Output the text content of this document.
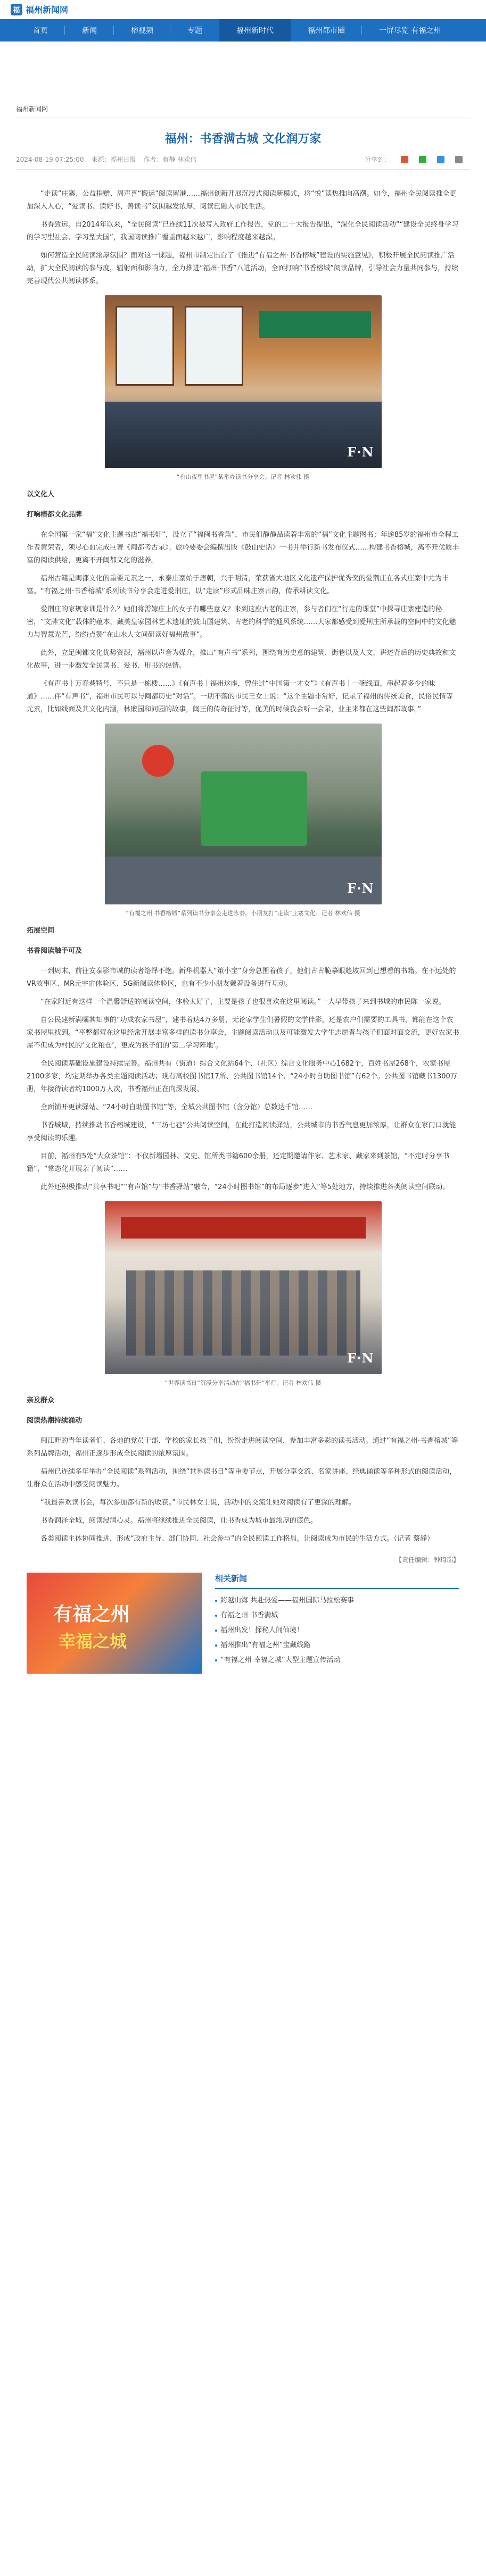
福 福州新闻网
首页	新闻	榕视频	专题	福州新时代	福州都市圈	一屏尽览 有福之州
福州新闻网
福州：书香满古城 文化润万家
2024-08-19 07:25:00 来源：福州日报 作者：蔡静 林欢伟	分享到：

“走读”庄寨、公益捐赠、周声喜“搬运”阅读留港……福州创新开展沉浸式阅读新模式，将“悦”读热推向高潮。如今，福州全民阅读推全更加深入人心，“爱读书、读好书、善读书”氛围越发浓厚，阅读已融入市民生活。

书香致远。自2014年以来，“全民阅读”已连续11次被写入政府工作报告，党的二十大报告提出，“深化全民阅读活动”“建设全民终身学习的学习型社会、学习型大国”，我国阅读推广覆盖面越来越广，影响程度越来越深。

如何营造全民阅读浓厚氛围？面对这一课题，福州市制定出台了《推进“有福之州·书香榕城”建设的实施意见》，积极开展全民阅读推广活动，扩大全民阅读的参与度，辐射面和影响力，全力推进“福州·书香”八进活动，全面打响“书香榕城”阅读品牌，引导社会力量共同参与，持续完善现代公共阅读体系。

F·N
“台山夜里书屋”某举办读书分享会。记者 林欢伟 摄

以文化人

打响榕都文化品牌

在全国第一家“福”文化主题书店“福书轩”，设立了“福闽书香角”，市民们静静品读着丰富的“福”文化主题图书；年逾85岁的福州市全程工作者黄荣者，领尽心血完成巨著《闽都考古录》；旅岭要委会编撰出版《鼓山史话》一书并举行新书发布仪式……构建书香榕城，离不开优质丰富的阅读供给，更离不开闽都文化的滋养。

福州古籍是闽都文化的重要元素之一，永泰庄寨始于唐朝，兴于明清，荣获省大地区文化遗产保护优秀奖的爱荆庄在各式庄寨中尤为丰富。“有福之州·书香榕城”系列读书分享会走进爱荆庄，以“走读”形式品味庄寨古韵，传承耕读文化。

爱荆庄的家规家训是什么？她们将需嫁庄上的女子有哪些意义？来到这座古老的庄寨，参与者们在“行走的课堂”中探寻庄寨建造的秘密，“文牌文化”载体的蕴本，藏美皇家园林艺术遗址的鼓山国建筑、古老的科学的通风系统……大家都感受到爱荆庄所承载的空间中的文化魅力与智慧光芒，纷纷点赞“在山水人文间研读好福州故事”。

此外，立足闽都文化优势资源，福州以声音为媒介，推出“有声书”系列，围绕有历史意的建筑、街巷以及人文，讲述背后的历史典故和文化故事，进一步激发全民读书、爱书、用书的热情。

《有声书｜万春巷特号，不只是一栋楼……》《有声书｜福州这座，曾住过“中国第一才女”》《有声书｜一碗线面，串起着多少的味道》……伴“有声书”，福州市民可以与闽都历史“对话”。一期不落的市民王女士说：“这个主题非常好，记录了福州的传统美食，民俗民情等元素，比如线面及其文化内涵，林廉园和问园的故事，闽王的传奇征讨等，优美的时候我会听一会录，业主来都在这些闽都故事。”

F·N
“有福之州·书香榕城”系列读书分享会走进永泰，小朋友打“走读”庄寨文化。记者 林欢伟 摄

拓展空间

书香阅读触手可及

一到周末，前往安泰影市城的读者络绎不绝。新华机器人“策小宝”身旁总围着孩子，他们古古脆摹眼趁坡回到已想看的书籍。在不远处的VR故事区、MR元宇宙体验区、5G新阅读体验区，也有不少小朋友戴着设备进行互动。

“在家附近有这样一个温馨舒适的阅读空间，体验太好了，主要是孩子也很喜欢在这里阅读。”一大早带孩子来到书城的市民陈一家说。

自公民建新满嘱其知事的“功成农家书屋”，建书着达4万多册，无论家学生们暑假的文学伴影，还是农户们需要的工具书，都能在这个农家书屋里找到。“平整都营在这里经常开展丰富多样的读书分享会，主题阅读活动以及可能激发大学生志愿者与孩子们面对面交流，更好农家书屋不但成为村民的‘文化粮仓’，更成为孩子们的‘第二学习阵地’。

全民阅读基础设施建设持续完善。福州共有（街道）综合文化站64个、（社区）综合文化服务中心1682个，百姓书屋268个，农家书屋2100多家，均定期举办各类主题阅读活动；现有高校图书馆17所、公共图书馆14个、“24小时自助图书馆”有62个。公共图书馆藏书1300万册，年接待读者约1000万人次，书香福州正在向深发展。

全面铺开更读驿站、“24小时自助图书馆”等，全城公共图书馆（含分馆）总数达千馆……

书香城域，持续推动书香榕城建设，“三坊七巷”公共阅读空间，在此打造阅读驿站，公共城市的书香气息更加浓厚，让群众在家门口就能享受阅读的乐趣。

目前，福州有5处“大众茶馆”：不仅新增园林、文史、馆所类书籍600余册，还定期邀请作家、艺术家、藏家来到茶馆，“不定时分享书籍”、“常态化开展亲子阅读”……

此外还积极推动“共享书吧”“有声馆”与“书香驿站”融合，“24小时图书馆”的布局逐步“进入”等5处地方，持续推进各类阅读空间联动。

F·N
“世界读书日”沉浸分享活动在“福书轩”举行。记者 林欢伟 摄

亲及群众

阅读热潮持续涌动

闽江畔的青年读者们、各地的党员干部、学校的家长孩子们，纷纷走进阅读空间，参加丰富多彩的读书活动。通过“有福之州·书香榕城”等系列品牌活动，福州正逐步形成全民阅读的浓厚氛围。

福州已连续多年举办“全民阅读”系列活动，围绕“世界读书日”等重要节点，开展分享交流、名家讲座、经典诵读等多种形式的阅读活动，让群众在活动中感受阅读魅力。

“我最喜欢读书会，每次参加都有新的收获。”市民林女士说，活动中的交流让她对阅读有了更深的理解。

书香润泽全城，阅读浸润心灵。福州将继续推进全民阅读，让书香成为城市最浓厚的底色。

各类阅读主体协同推进，形成“政府主导、部门协同、社会参与”的全民阅读工作格局，让阅读成为市民的生活方式。（记者 蔡静）

【责任编辑：钟琦瑞】
有福之州
幸福之城
相关新闻
跨越山海 共赴热爱——福州国际马拉松赛事
有福之州 书香满城
福州出发！探秘人间仙境！
福州推出“有福之州”宝藏线路
“有福之州 幸福之城”大型主题宣传活动
